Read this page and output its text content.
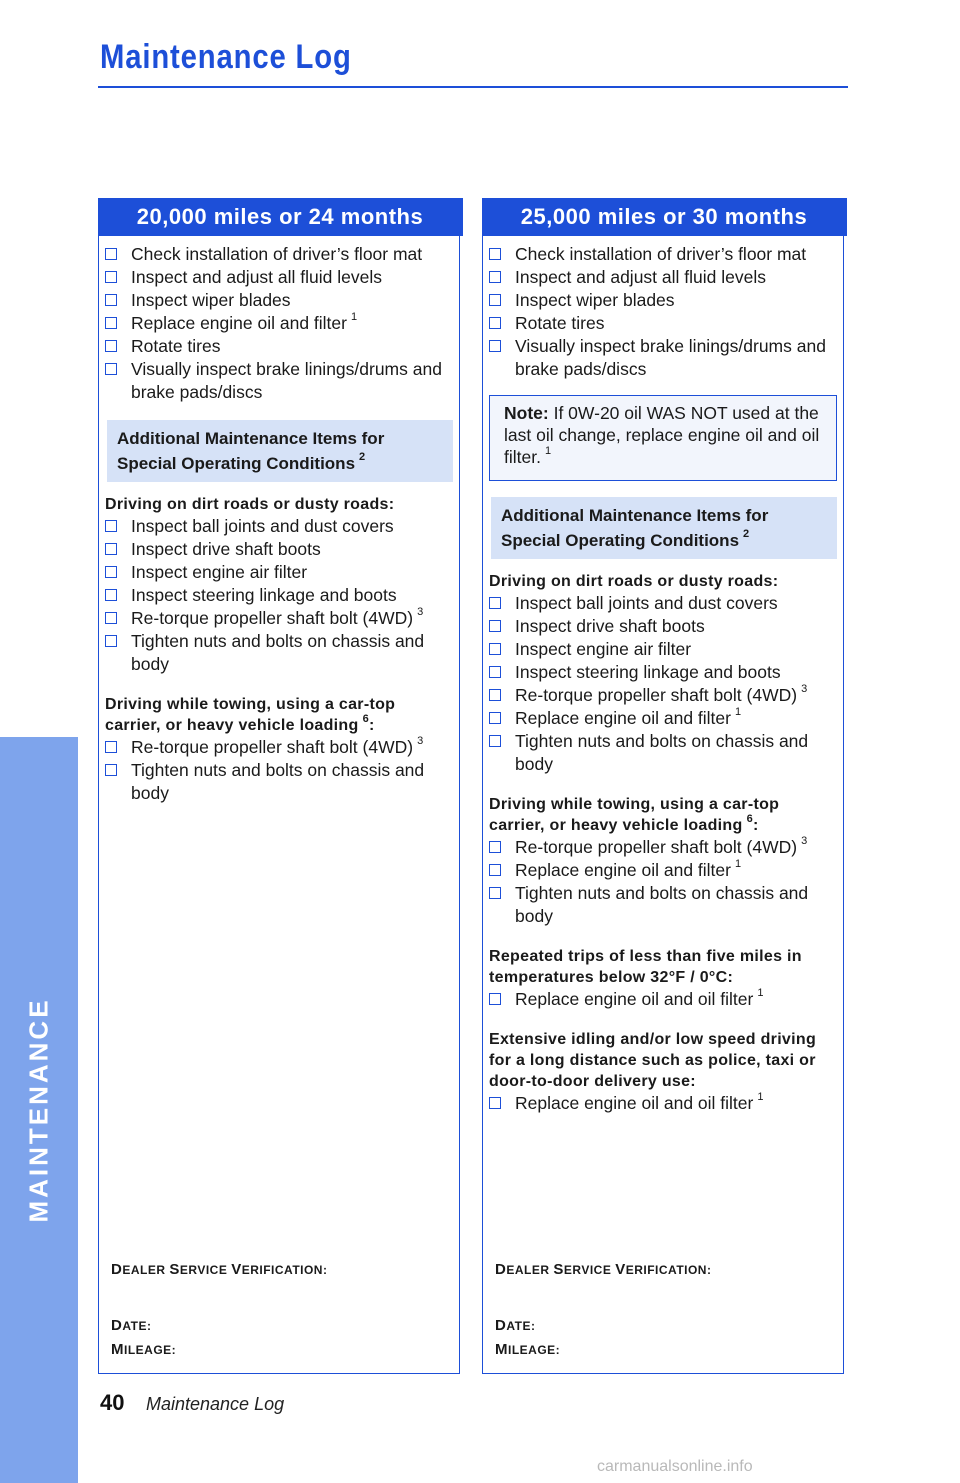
Maintenance Log
MAINTENANCE
20,000 miles or 24 months
Check installation of driver’s floor mat
Inspect and adjust all fluid levels
Inspect wiper blades
Replace engine oil and filter $^1$
Rotate tires
Visually inspect brake linings/drums and brake pads/discs
Additional Maintenance Items for
Special Operating Conditions $^2$
Driving on dirt roads or dusty roads:
Inspect ball joints and dust covers
Inspect drive shaft boots
Inspect engine air filter
Inspect steering linkage and boots
Re-torque propeller shaft bolt (4WD) $^3$
Tighten nuts and bolts on chassis and body
Driving while towing, using a car-top
carrier, or heavy vehicle loading $^6$:
Re-torque propeller shaft bolt (4WD) $^3$
Tighten nuts and bolts on chassis and body
DEALER SERVICE VERIFICATION:
DATE:
MILEAGE:
25,000 miles or 30 months
Check installation of driver’s floor mat
Inspect and adjust all fluid levels
Inspect wiper blades
Rotate tires
Visually inspect brake linings/drums and brake pads/discs
Note: If 0W-20 oil WAS NOT used at the last oil change, replace engine oil and oil filter. $^1$
Additional Maintenance Items for
Special Operating Conditions $^2$
Driving on dirt roads or dusty roads:
Inspect ball joints and dust covers
Inspect drive shaft boots
Inspect engine air filter
Inspect steering linkage and boots
Re-torque propeller shaft bolt (4WD) $^3$
Replace engine oil and filter $^1$
Tighten nuts and bolts on chassis and body
Driving while towing, using a car-top
carrier, or heavy vehicle loading $^6$:
Re-torque propeller shaft bolt (4WD) $^3$
Replace engine oil and filter $^1$
Tighten nuts and bolts on chassis and body
Repeated trips of less than five miles in
temperatures below 32°F / 0°C:
Replace engine oil and oil filter $^1$
Extensive idling and/or low speed driving
for a long distance such as police, taxi or
door-to-door delivery use:
Replace engine oil and oil filter $^1$
DEALER SERVICE VERIFICATION:
DATE:
MILEAGE:
40 Maintenance Log
carmanualsonline.info
